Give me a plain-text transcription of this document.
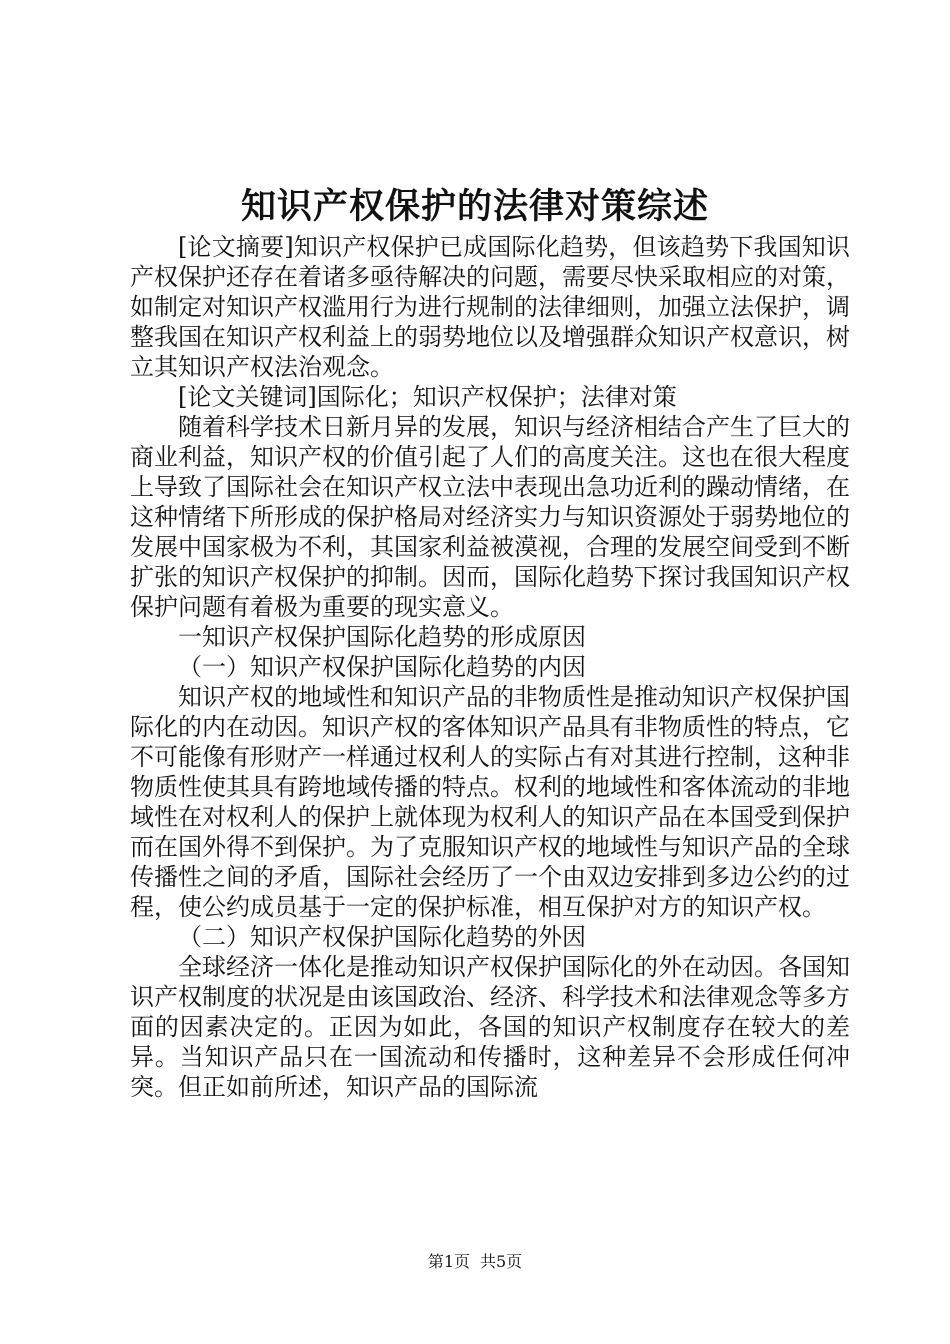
知识产权保护的法律对策综述

[论文摘要]知识产权保护已成国际化趋势，但该趋势下我国知识产权保护还存在着诸多亟待解决的问题，需要尽快采取相应的对策，如制定对知识产权滥用行为进行规制的法律细则，加强立法保护，调整我国在知识产权利益上的弱势地位以及增强群众知识产权意识，树立其知识产权法治观念。

[论文关键词]国际化；知识产权保护；法律对策

随着科学技术日新月异的发展，知识与经济相结合产生了巨大的商业利益，知识产权的价值引起了人们的高度关注。这也在很大程度上导致了国际社会在知识产权立法中表现出急功近利的躁动情绪，在这种情绪下所形成的保护格局对经济实力与知识资源处于弱势地位的发展中国家极为不利，其国家利益被漠视，合理的发展空间受到不断扩张的知识产权保护的抑制。因而，国际化趋势下探讨我国知识产权保护问题有着极为重要的现实意义。

一知识产权保护国际化趋势的形成原因

（一）知识产权保护国际化趋势的内因

知识产权的地域性和知识产品的非物质性是推动知识产权保护国际化的内在动因。知识产权的客体知识产品具有非物质性的特点，它不可能像有形财产一样通过权利人的实际占有对其进行控制，这种非物质性使其具有跨地域传播的特点。权利的地域性和客体流动的非地域性在对权利人的保护上就体现为权利人的知识产品在本国受到保护而在国外得不到保护。为了克服知识产权的地域性与知识产品的全球传播性之间的矛盾，国际社会经历了一个由双边安排到多边公约的过程，使公约成员基于一定的保护标准，相互保护对方的知识产权。

（二）知识产权保护国际化趋势的外因

全球经济一体化是推动知识产权保护国际化的外在动因。各国知识产权制度的状况是由该国政治、经济、科学技术和法律观念等多方面的因素决定的。正因为如此，各国的知识产权制度存在较大的差异。当知识产品只在一国流动和传播时，这种差异不会形成任何冲突。但正如前所述，知识产品的国际流

第1页 共5页
